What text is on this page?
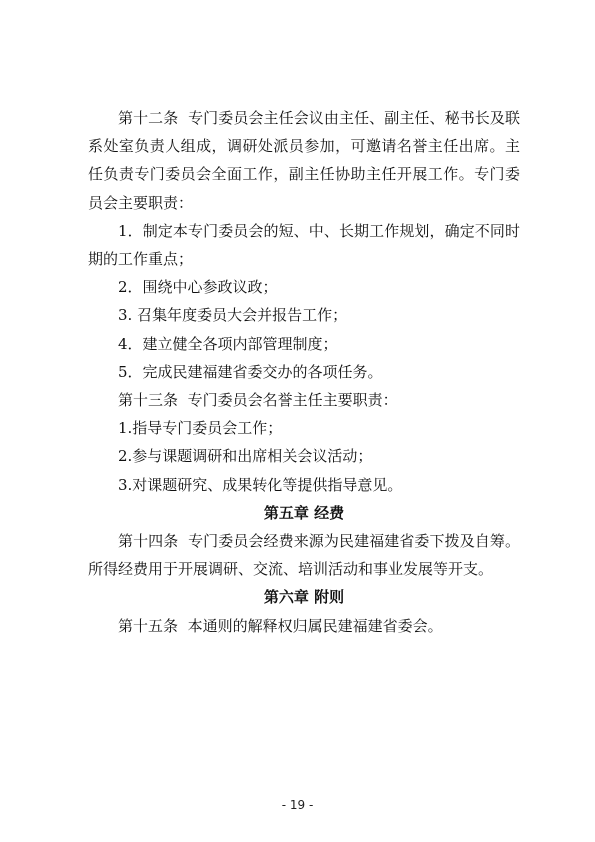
第十二条 专门委员会主任会议由主任、副主任、秘书长及联系处室负责人组成，调研处派员参加，可邀请名誉主任出席。主任负责专门委员会全面工作，副主任协助主任开展工作。专门委员会主要职责：

1．制定本专门委员会的短、中、长期工作规划，确定不同时期的工作重点；

2．围绕中心参政议政；

3. 召集年度委员大会并报告工作；

4．建立健全各项内部管理制度；

5．完成民建福建省委交办的各项任务。

第十三条 专门委员会名誉主任主要职责：

1.指导专门委员会工作；

2.参与课题调研和出席相关会议活动；

3.对课题研究、成果转化等提供指导意见。

第五章 经费

第十四条 专门委员会经费来源为民建福建省委下拨及自筹。所得经费用于开展调研、交流、培训活动和事业发展等开支。

第六章 附则

第十五条 本通则的解释权归属民建福建省委会。

- 19 -
